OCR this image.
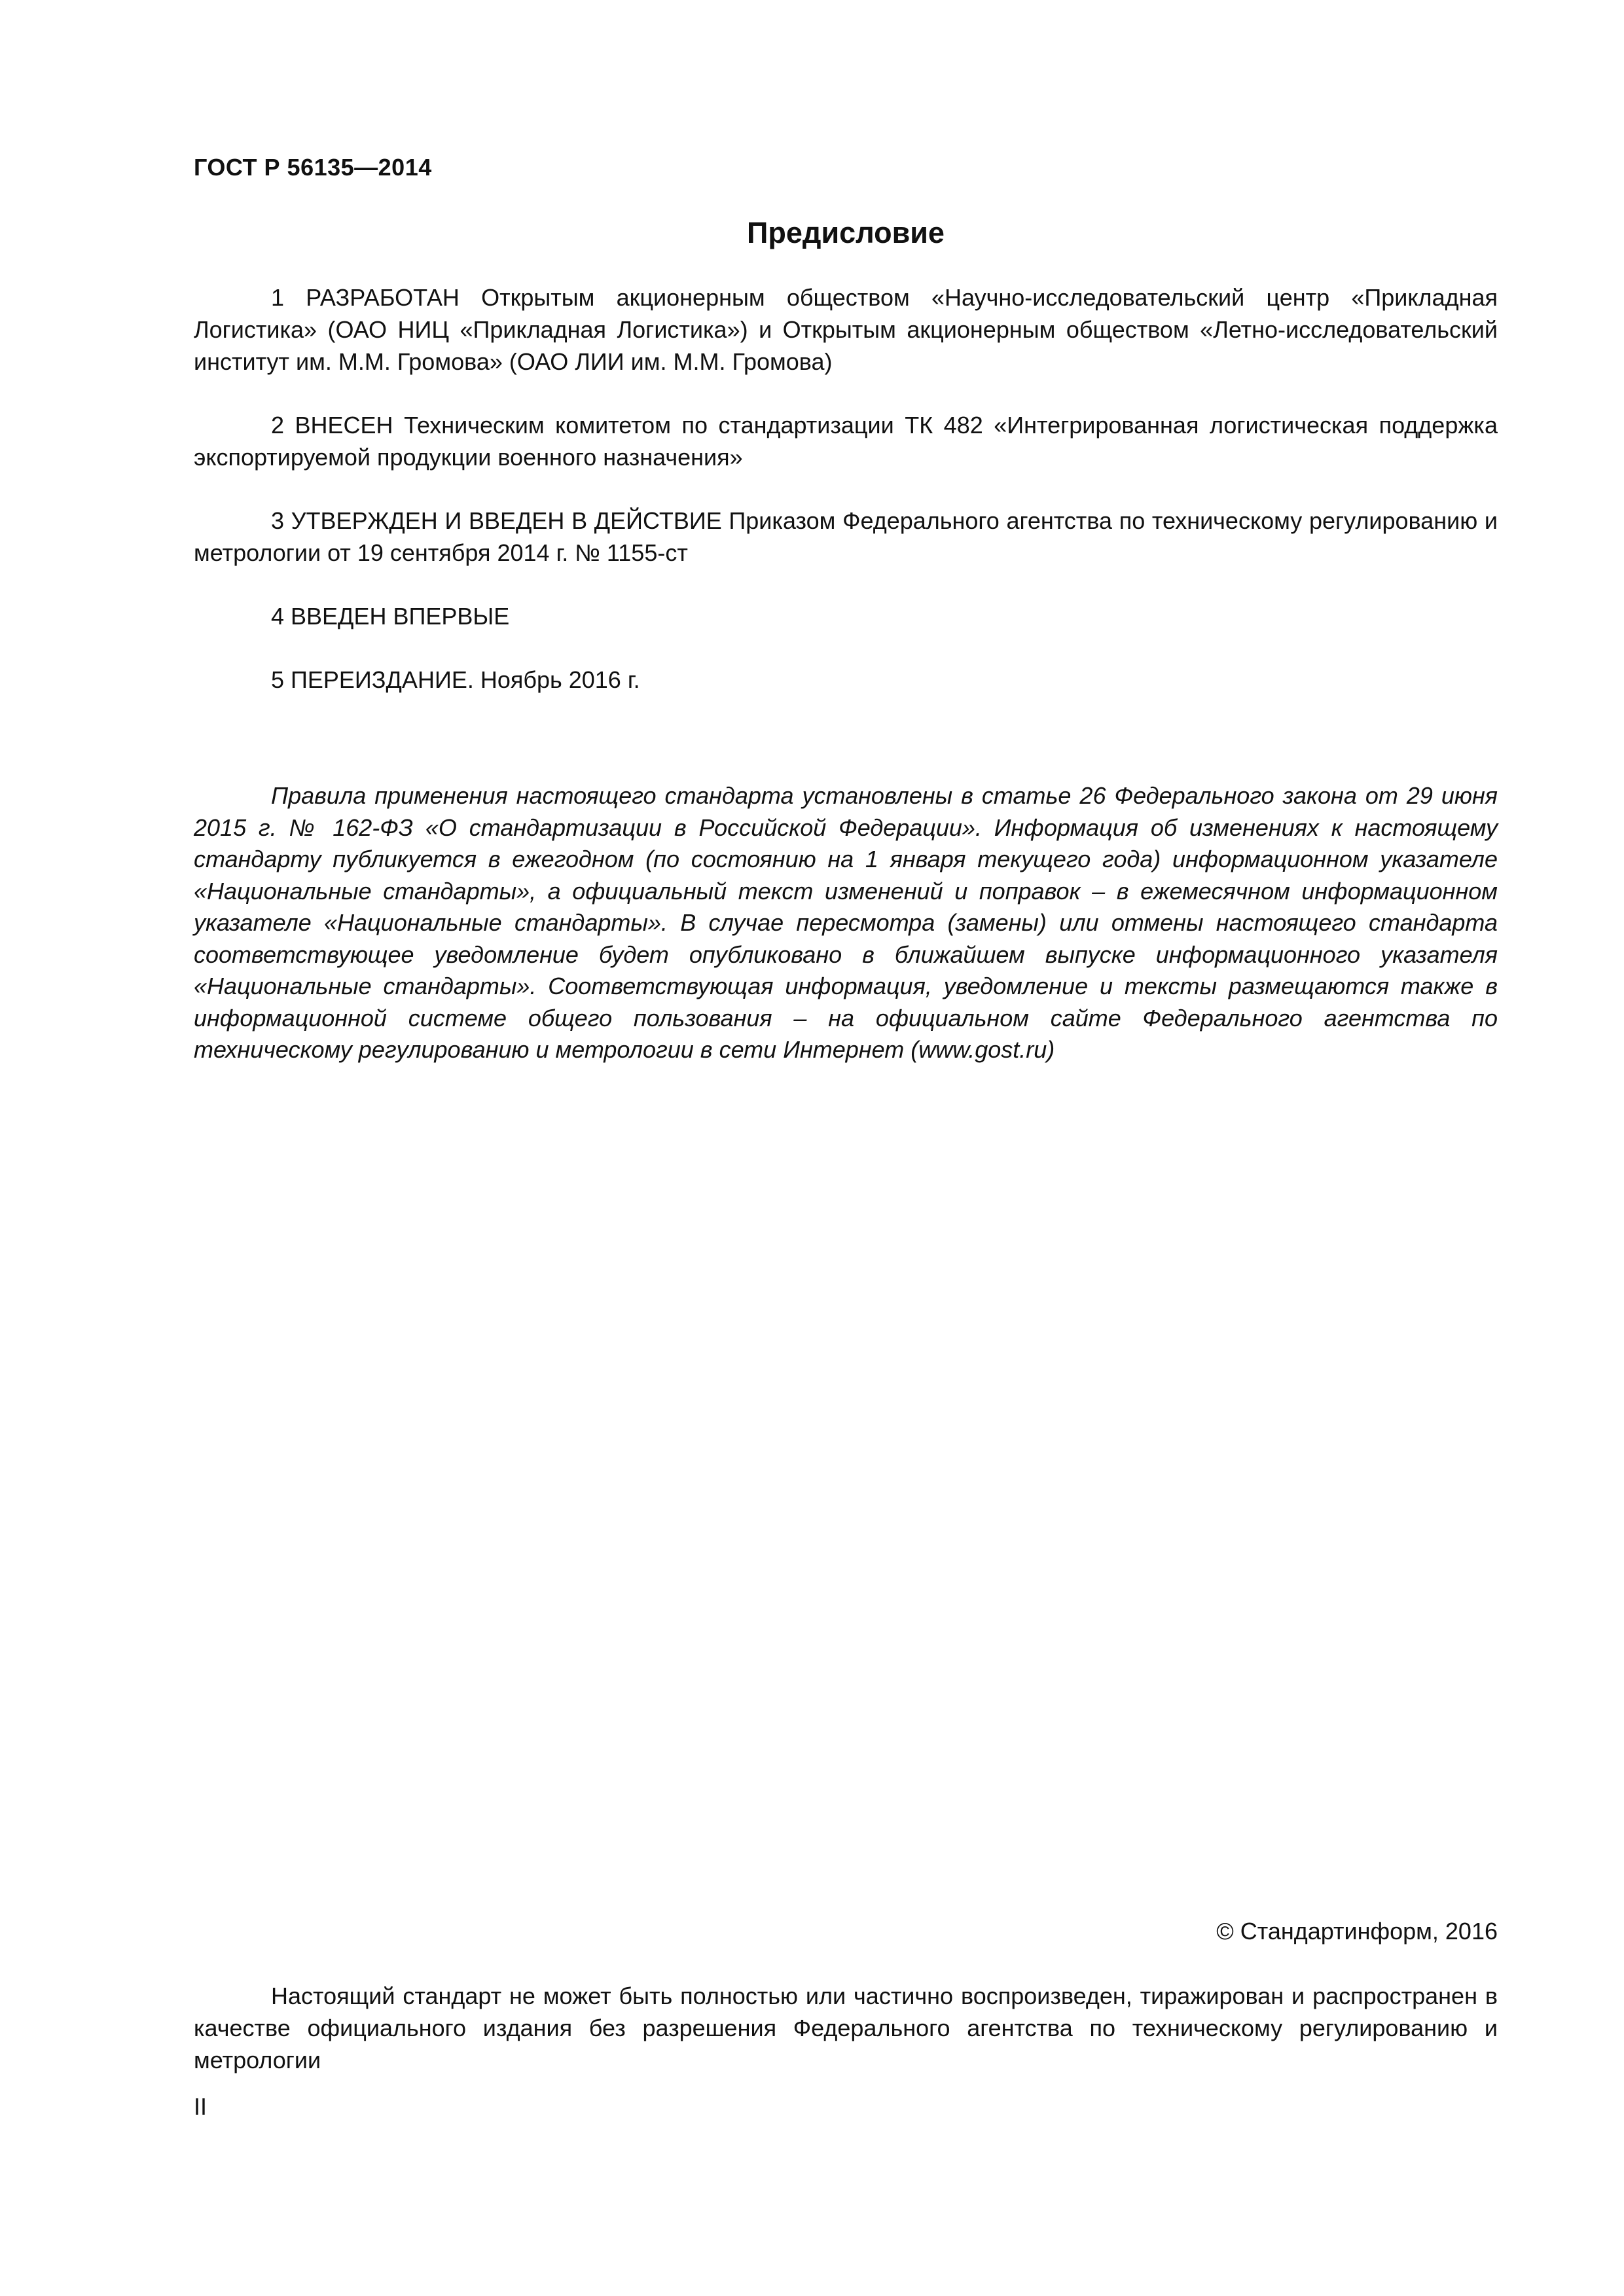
ГОСТ Р 56135—2014
Предисловие

1 РАЗРАБОТАН Открытым акционерным обществом «Научно-исследовательский центр «Прикладная Логистика» (ОАО НИЦ «Прикладная Логистика») и Открытым акционерным обществом «Летно-исследовательский институт им. М.М. Громова» (ОАО ЛИИ им. М.М. Громова)

2 ВНЕСЕН Техническим комитетом по стандартизации ТК 482 «Интегрированная логистическая поддержка экспортируемой продукции военного назначения»

3 УТВЕРЖДЕН И ВВЕДЕН В ДЕЙСТВИЕ Приказом Федерального агентства по техническому регулированию и метрологии от 19 сентября 2014 г. № 1155-ст

4 ВВЕДЕН ВПЕРВЫЕ

5 ПЕРЕИЗДАНИЕ. Ноябрь 2016 г.

Правила применения настоящего стандарта установлены в статье 26 Федерального закона от 29 июня 2015 г. № 162-ФЗ «О стандартизации в Российской Федерации». Информация об изменениях к настоящему стандарту публикуется в ежегодном (по состоянию на 1 января текущего года) информационном указателе «Национальные стандарты», а официальный текст изменений и поправок – в ежемесячном информационном указателе «Национальные стандарты». В случае пересмотра (замены) или отмены настоящего стандарта соответствующее уведомление будет опубликовано в ближайшем выпуске информационного указателя «Национальные стандарты». Соответствующая информация, уведомление и тексты размещаются также в информационной системе общего пользования – на официальном сайте Федерального агентства по техническому регулированию и метрологии в сети Интернет (www.gost.ru)

© Стандартинформ, 2016

Настоящий стандарт не может быть полностью или частично воспроизведен, тиражирован и распространен в качестве официального издания без разрешения Федерального агентства по техническому регулированию и метрологии

II
